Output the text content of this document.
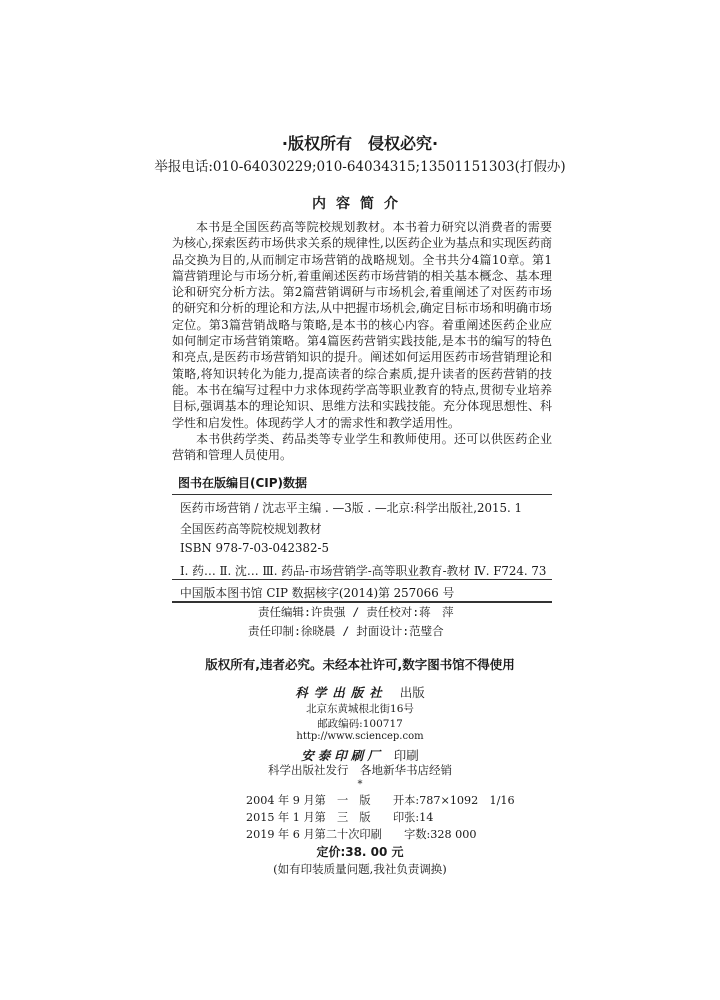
·版权所有　侵权必究·
举报电话:010-64030229;010-64034315;13501151303(打假办)
内容简介

本书是全国医药高等院校规划教材。本书着力研究以消费者的需要为核心,探索医药市场供求关系的规律性,以医药企业为基点和实现医药商品交换为目的,从而制定市场营销的战略规划。全书共分4篇10章。第1篇营销理论与市场分析,着重阐述医药市场营销的相关基本概念、基本理论和研究分析方法。第2篇营销调研与市场机会,着重阐述了对医药市场的研究和分析的理论和方法,从中把握市场机会,确定目标市场和明确市场定位。第3篇营销战略与策略,是本书的核心内容。着重阐述医药企业应如何制定市场营销策略。第4篇医药营销实践技能,是本书的编写的特色和亮点,是医药市场营销知识的提升。阐述如何运用医药市场营销理论和策略,将知识转化为能力,提高读者的综合素质,提升读者的医药营销的技能。本书在编写过程中力求体现药学高等职业教育的特点,贯彻专业培养目标,强调基本的理论知识、思维方法和实践技能。充分体现思想性、科学性和启发性。体现药学人才的需求性和教学适用性。

本书供药学类、药品类等专业学生和教师使用。还可以供医药企业营销和管理人员使用。

图书在版编目(CIP)数据
医药市场营销 / 沈志平主编 . —3版 . —北京:科学出版社,2015. 1
全国医药高等院校规划教材
ISBN 978-7-03-042382-5
Ⅰ. 药… Ⅱ. 沈… Ⅲ. 药品-市场营销学-高等职业教育-教材 Ⅳ. F724. 73
中国版本图书馆 CIP 数据核字(2014)第 257066 号
责任编辑:许贵强 / 责任校对:蒋　萍
责任印制:徐晓晨 / 封面设计:范璧合
版权所有,违者必究。未经本社许可,数字图书馆不得使用
科学出版社 出版
北京东黄城根北街16号
邮政编码:100717
http://www.sciencep.com
安泰印刷厂 印刷
科学出版社发行　各地新华书店经销
*
2004 年 9 月第　一　版　　开本:787×1092　1/16
2015 年 1 月第　三　版　　印张:14
2019 年 6 月第二十次印刷　　字数:328 000
定价:38. 00 元
(如有印装质量问题,我社负责调换)
